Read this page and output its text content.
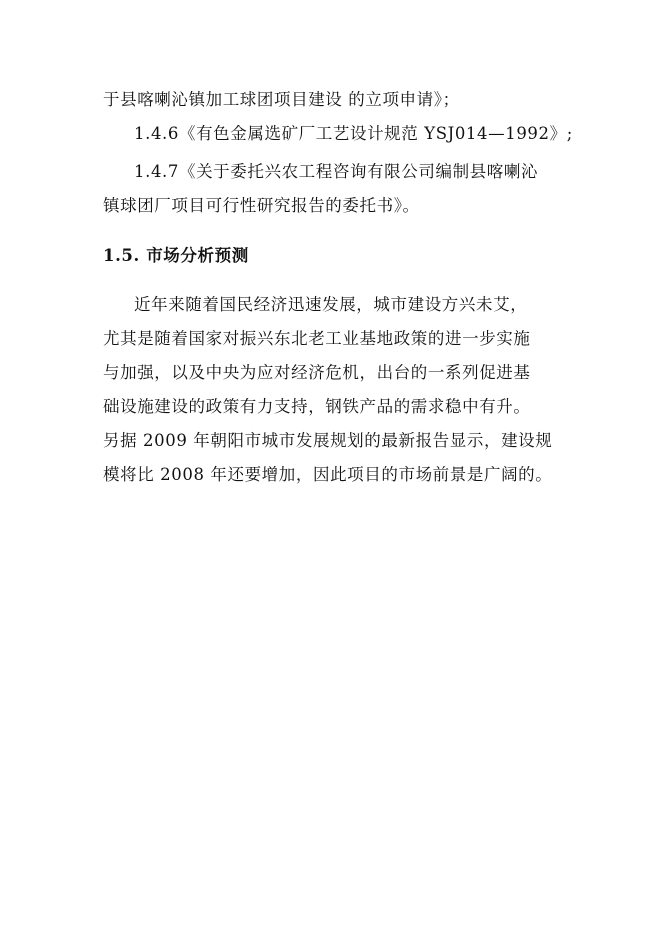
于县喀喇沁镇加工球团项目建设 的立项申请》；
1.4.6《有色金属选矿厂工艺设计规范 YSJ014—1992》;
1.4.7《关于委托兴农工程咨询有限公司编制县喀喇沁
镇球团厂项目可行性研究报告的委托书》。
1.5. 市场分析预测
近年来随着国民经济迅速发展，城市建设方兴未艾，
尤其是随着国家对振兴东北老工业基地政策的进一步实施
与加强，以及中央为应对经济危机，出台的一系列促进基
础设施建设的政策有力支持，钢铁产品的需求稳中有升。
另据 2009 年朝阳市城市发展规划的最新报告显示，建设规
模将比 2008 年还要增加，因此项目的市场前景是广阔的。
